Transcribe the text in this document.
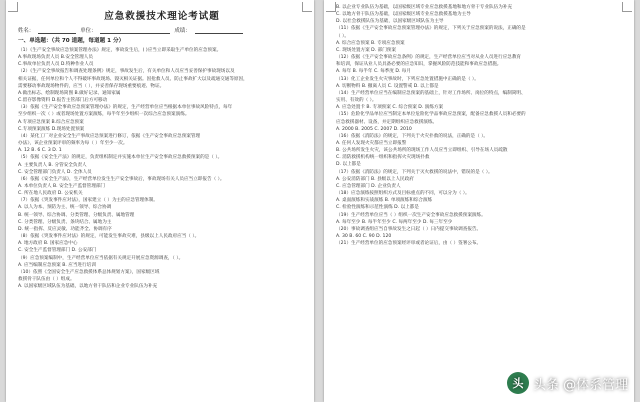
应急救援技术理论考试题
姓名：	单位：	成绩：
一、单选题：（共 70 道题，每道题 1 分）
（1）《生产安全事故应急预案管理办法》规定，事故发生后，( )应当立即采取生产单位的应急预案。
A.事故现场负责人员 B.安全管理人员
C.事故单位负责人员 D.特种作业人员
（2）《生产安全事故报告和调查处理条例》规定，事故发生后，有关单位和人员应当妥善保护事故现场以及
相关证据，任何单位和个人不得破坏事故现场、毁灭相关证据。因抢救人员、防止事故扩大以及疏通交通等原因，
需要移动事故现场物件的，应当（ ），并妥善保存现场重要痕迹、物证。
A.做出标志、绘制现场简图 B.做好记录、通知家属
C.留存影像资料 D.报告主管部门后方可移动
（3）依据《生产安全事故应急预案管理办法》的规定，生产经营单位应当根据本单位事故风险特点，每年
至少组织一次（ ）或者现场处置方案演练，每半年至少组织一次综合应急预案演练。
A.专项应急预案 B.综合应急预案
C.专项预案演练 D.现场处置预案
（4）某化工厂对企业安全生产事故应急预案进行修订，依据《生产安全事故应急预案管理
办法》，该企业预案评审的频率为每（ ）年至少一次。
A. 12 B. 6 C. 3 D. 1
（5）依据《安全生产法》的规定，负责组织制定并实施本单位生产安全事故应急救援预案的是（ ）。
A. 主要负责人 B. 分管安全负责人
C. 安全管理部门负责人 D. 全体人员
（6）依据《安全生产法》，生产经营单位发生生产安全事故后，事故现场有关人员应当立即报告（ ）。
A. 本单位负责人 B. 安全生产监督管理部门
C. 所在地人民政府 D. 公安机关
（7）依据《突发事件应对法》，国家建立（ ）为主的应急管理体制。
A. 以人为本、预防为主、统一领导、综合协调
B. 统一领导、综合协调、分类管理、分级负责、属地管理
C. 分类管理、分级负责、条块结合、属地为主
D. 统一指挥、反应灵敏、功能齐全、协调有序
（8）依据《突发事件应对法》的规定，可能发生事故灾难，县级以上人民政府应当（ ）。
A. 地方政府 B. 国家应急中心
C. 安全生产监督管理部门 D. 公安部门
（9）应急预案编制中，生产经营单位应当依据有关规定开展应急资源调查，（ ）。
A. 应当编制应急预案 B. 应当进行培训
（10）依照《全国安全生产应急救援体系总体规划方案》，国家级区域
救援骨干队伍由（ ）组成。
A. 以国家级区域队伍为基础，以地方骨干队伍和企业专业队伍为补充
B. 以企业专业队伍为基础，以国家级区域专业应急救援基地和地方骨干专业队伍为补充
C. 以地方骨干队伍为基础，以国家级区域专业应急救援基地为主导
D. 以社会救援队伍为基础，以国家级区域队伍为主导
（11）依据《生产安全事故应急预案管理办法》的规定，下列关于应急预案的说法，正确的是
（ ）。
A. 综合应急预案 B. 专项应急预案
C. 现场处置方案 D. 部门预案
（12）依据《生产安全事故应急条例》的规定，生产经营单位应当对从业人员进行应急教育
和培训，保证从业人员具备必要的应急知识，掌握风险防范技能和事故应急措施。
A. 每年 B. 每半年 C. 每季度 D. 每月
（13）化工企业发生火灾事故时，下列应急处置措施中正确的是（ ）。
A. 切断物料 B. 撤离人员 C. 设置警戒 D. 以上都是
（14）生产经营单位应当在编制应急预案的基础上，针对工作场所、岗位的特点，编制简明、
实用、有效的（ ）。
A. 应急处置卡 B. 专项预案 C. 综合预案 D. 演练方案
（15）危险化学品单位应当制定本单位危险化学品事故应急预案，配备应急救援人员和必要的
应急救援器材、设备，并定期组织应急救援演练。
A. 2000 B. 2005 C. 2007 D. 2010
（16）依据《消防法》的规定，下列关于火灾扑救的说法，正确的是（ ）。
A. 任何人发现火灾都应当立即报警
B. 公共场所发生火灾，该公共场所的现场工作人员应当立即组织、引导在场人员疏散
C. 消防救援机构统一组织和指挥火灾现场扑救
D. 以上都是
（17）依据《消防法》的规定，下列关于灭火救援的说法中，错误的是（ ）。
A. 公安消防部门 B. 县级以上人民政府
C. 应急管理部门 D. 企业负责人
（18）应急演练按照组织方式及目标重点的不同，可以分为（ ）。
A. 桌面演练和实战演练 B. 单项演练和综合演练
C. 检验性演练和示范性演练 D. 以上都是
（19）生产经营单位应当（ ）组织一次生产安全事故应急救援预案演练。
A. 每年至少 B. 每半年至少 C. 每两年至少 D. 每三年至少
（20）事故调查组应当自事故发生之日起（ ）日内提交事故调查报告。
A. 30 B. 60 C. 90 D. 120
（21）生产经营单位的应急预案经评审或者论证后，由（ ）签署公布。
头 头条 @体系管理
